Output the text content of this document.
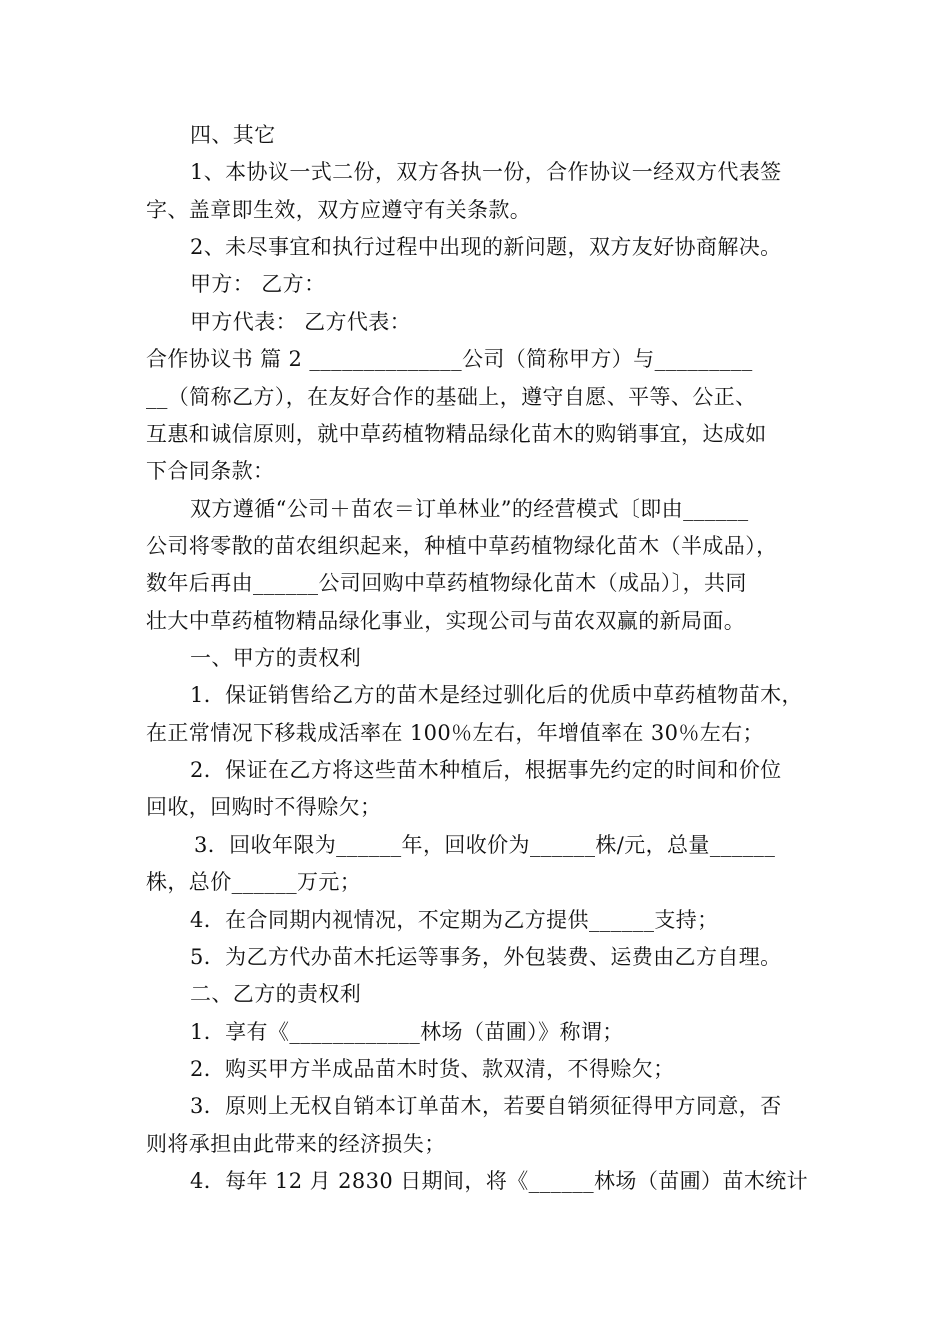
四、其它
1、本协议一式二份，双方各执一份，合作协议一经双方代表签
字、盖章即生效，双方应遵守有关条款。
2、未尽事宜和执行过程中出现的新问题，双方友好协商解决。
甲方： 乙方：
甲方代表： 乙方代表：
合作协议书 篇 2 ______________公司（简称甲方）与_________
__（简称乙方），在友好合作的基础上，遵守自愿、平等、公正、
互惠和诚信原则，就中草药植物精品绿化苗木的购销事宜，达成如
下合同条款：
双方遵循“公司＋苗农＝订单林业”的经营模式〔即由______
公司将零散的苗农组织起来，种植中草药植物绿化苗木（半成品），
数年后再由______公司回购中草药植物绿化苗木（成品）〕，共同
壮大中草药植物精品绿化事业，实现公司与苗农双赢的新局面。
一、甲方的责权利
1．保证销售给乙方的苗木是经过驯化后的优质中草药植物苗木，
在正常情况下移栽成活率在 100％左右，年增值率在 30％左右；
2．保证在乙方将这些苗木种植后，根据事先约定的时间和价位
回收，回购时不得赊欠；
3．回收年限为______年，回收价为______株/元，总量______
株，总价______万元；
4．在合同期内视情况，不定期为乙方提供______支持；
5．为乙方代办苗木托运等事务，外包装费、运费由乙方自理。
二、乙方的责权利
1．享有《____________林场（苗圃）》称谓；
2．购买甲方半成品苗木时货、款双清，不得赊欠；
3．原则上无权自销本订单苗木，若要自销须征得甲方同意，否
则将承担由此带来的经济损失；
4．每年 12 月 2830 日期间，将《______林场（苗圃）苗木统计
